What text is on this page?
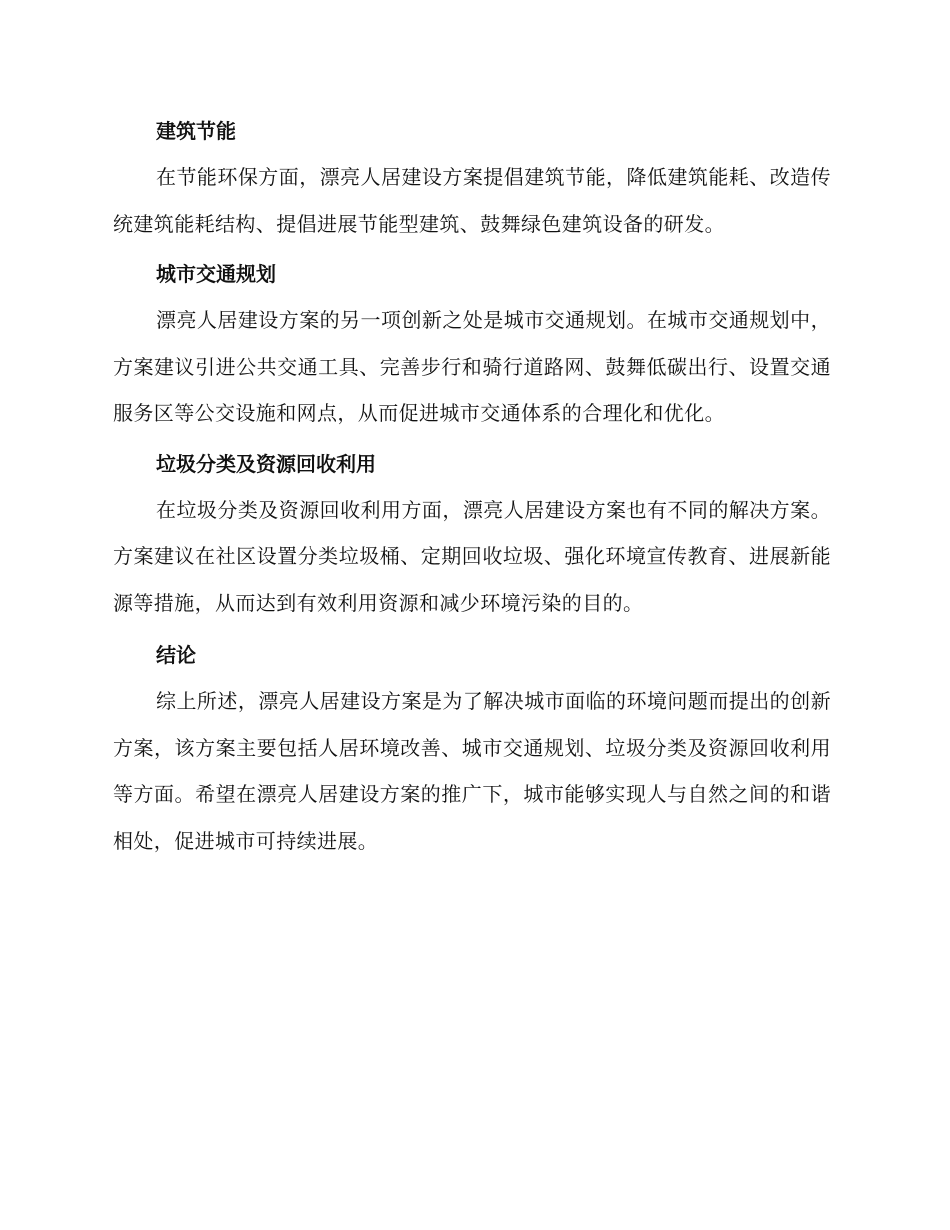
建筑节能

在节能环保方面，漂亮人居建设方案提倡建筑节能，降低建筑能耗、改造传统建筑能耗结构、提倡进展节能型建筑、鼓舞绿色建筑设备的研发。

城市交通规划

漂亮人居建设方案的另一项创新之处是城市交通规划。在城市交通规划中，方案建议引进公共交通工具、完善步行和骑行道路网、鼓舞低碳出行、设置交通服务区等公交设施和网点，从而促进城市交通体系的合理化和优化。

垃圾分类及资源回收利用

在垃圾分类及资源回收利用方面，漂亮人居建设方案也有不同的解决方案。方案建议在社区设置分类垃圾桶、定期回收垃圾、强化环境宣传教育、进展新能源等措施，从而达到有效利用资源和减少环境污染的目的。

结论

综上所述，漂亮人居建设方案是为了解决城市面临的环境问题而提出的创新方案，该方案主要包括人居环境改善、城市交通规划、垃圾分类及资源回收利用等方面。希望在漂亮人居建设方案的推广下，城市能够实现人与自然之间的和谐相处，促进城市可持续进展。
